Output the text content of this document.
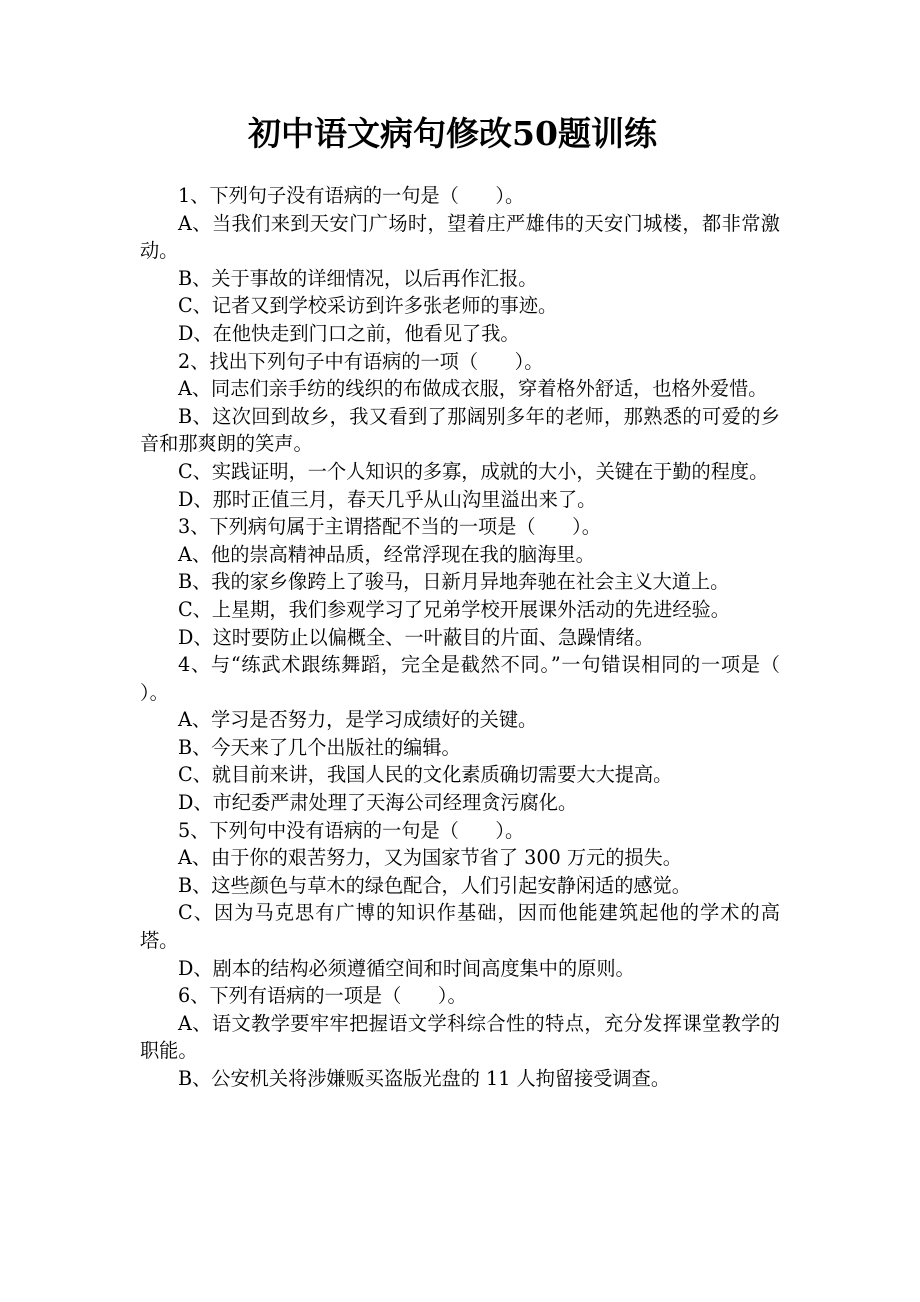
初中语文病句修改50题训练

1、下列句子没有语病的一句是（      ）。

A、当我们来到天安门广场时，望着庄严雄伟的天安门城楼，都非常激动。

B、关于事故的详细情况，以后再作汇报。

C、记者又到学校采访到许多张老师的事迹。

D、在他快走到门口之前，他看见了我。

2、找出下列句子中有语病的一项（      ）。

A、同志们亲手纺的线织的布做成衣服，穿着格外舒适，也格外爱惜。

B、这次回到故乡，我又看到了那阔别多年的老师，那熟悉的可爱的乡音和那爽朗的笑声。

C、实践证明，一个人知识的多寡，成就的大小，关键在于勤的程度。

D、那时正值三月，春天几乎从山沟里溢出来了。

3、下列病句属于主谓搭配不当的一项是（      ）。

A、他的崇高精神品质，经常浮现在我的脑海里。

B、我的家乡像跨上了骏马，日新月异地奔驰在社会主义大道上。

C、上星期，我们参观学习了兄弟学校开展课外活动的先进经验。

D、这时要防止以偏概全、一叶蔽目的片面、急躁情绪。

4、与“练武术跟练舞蹈，完全是截然不同。”一句错误相同的一项是（      ）。

A、学习是否努力，是学习成绩好的关键。

B、今天来了几个出版社的编辑。

C、就目前来讲，我国人民的文化素质确切需要大大提高。

D、市纪委严肃处理了天海公司经理贪污腐化。

5、下列句中没有语病的一句是（      ）。

A、由于你的艰苦努力，又为国家节省了 300 万元的损失。

B、这些颜色与草木的绿色配合，人们引起安静闲适的感觉。

C、因为马克思有广博的知识作基础，因而他能建筑起他的学术的高塔。

D、剧本的结构必须遵循空间和时间高度集中的原则。

6、下列有语病的一项是（      ）。

A、语文教学要牢牢把握语文学科综合性的特点，充分发挥课堂教学的职能。

B、公安机关将涉嫌贩买盗版光盘的 11 人拘留接受调查。
